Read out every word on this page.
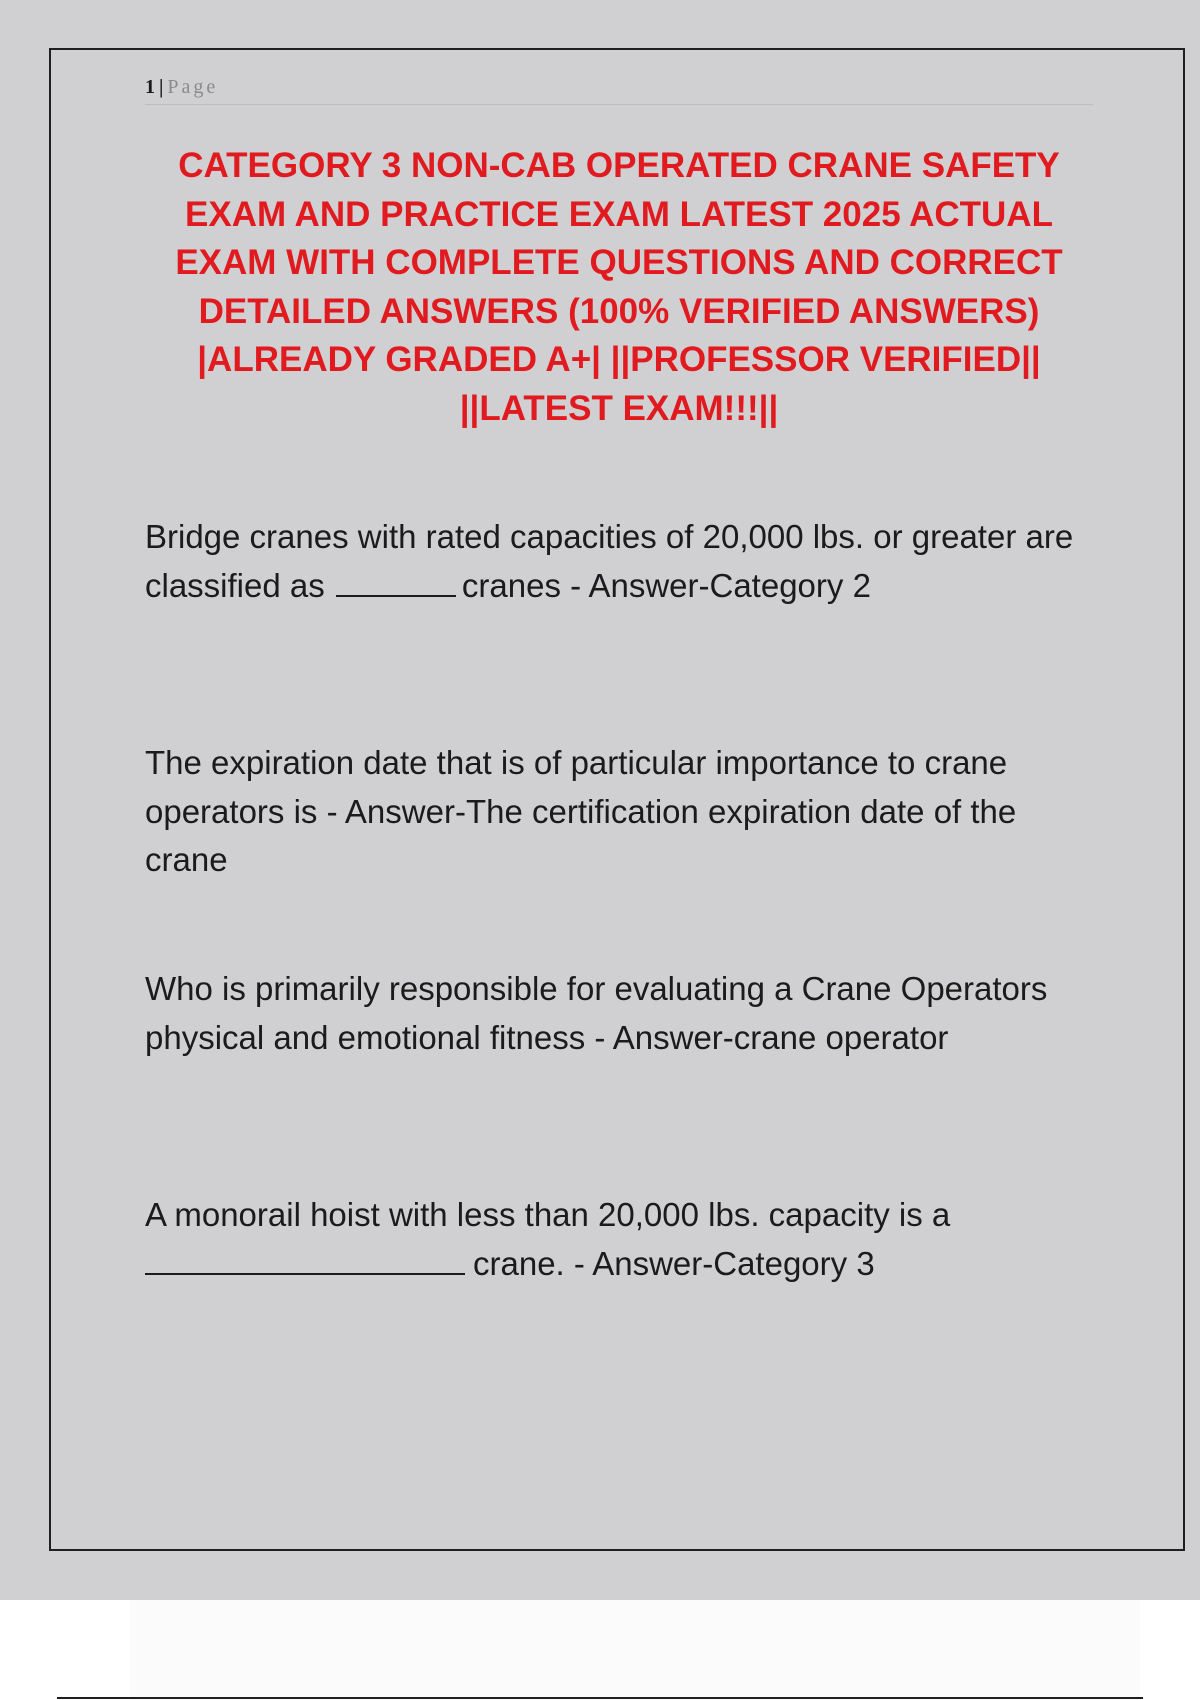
1 | Page
CATEGORY 3 NON-CAB OPERATED CRANE SAFETY EXAM AND PRACTICE EXAM LATEST 2025 ACTUAL EXAM WITH COMPLETE QUESTIONS AND CORRECT DETAILED ANSWERS (100% VERIFIED ANSWERS) |ALREADY GRADED A+| ||PROFESSOR VERIFIED|| ||LATEST EXAM!!!||
Bridge cranes with rated capacities of 20,000 lbs. or greater are classified as	cranes - Answer-Category 2
The expiration date that is of particular importance to crane operators is - Answer-The certification expiration date of the crane
Who is primarily responsible for evaluating a Crane Operators physical and emotional fitness - Answer-crane operator
A monorail hoist with less than 20,000 lbs. capacity is a crane. - Answer-Category 3
